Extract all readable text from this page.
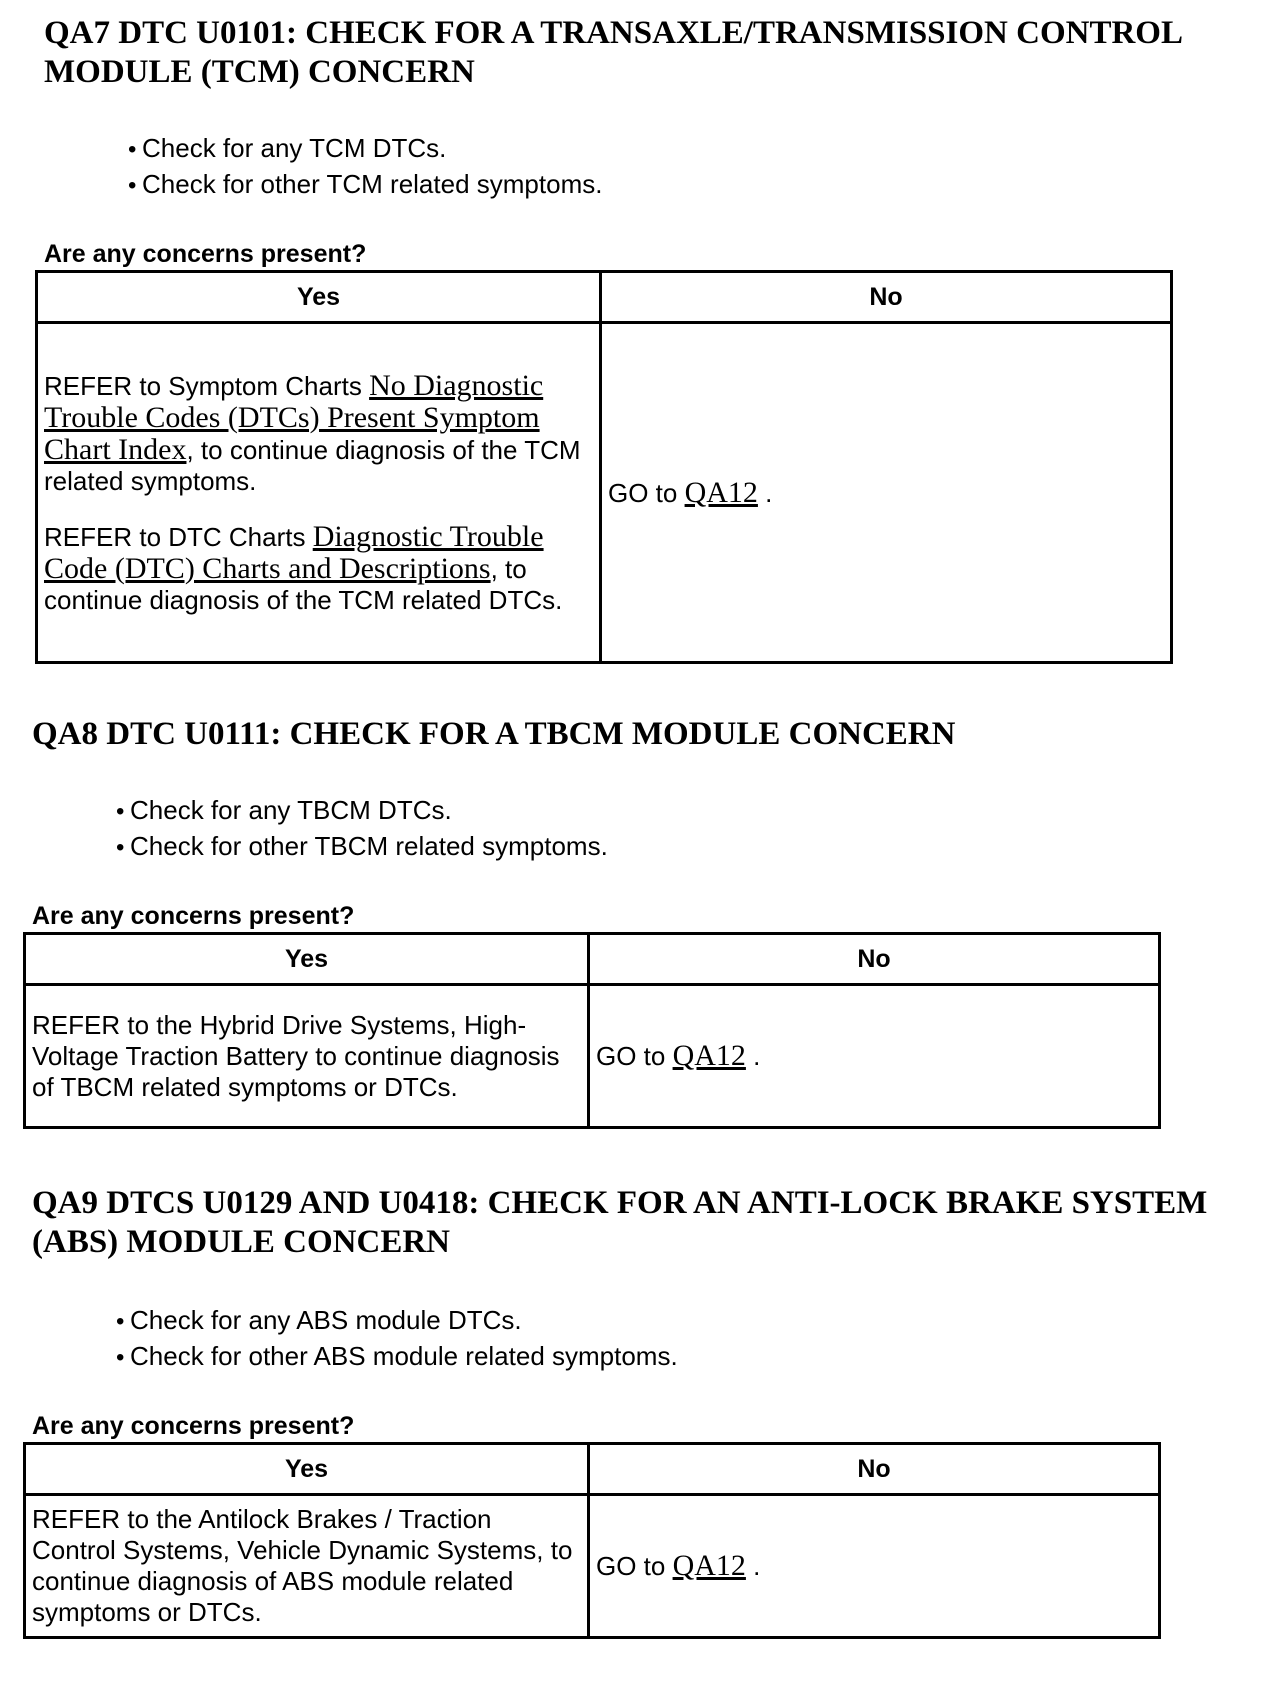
QA7 DTC U0101: CHECK FOR A TRANSAXLE/TRANSMISSION CONTROL
MODULE (TCM) CONCERN
• Check for any TCM DTCs.
• Check for other TCM related symptoms.
Are any concerns present?
Yes	No

REFER to Symptom Charts No Diagnostic Trouble Codes (DTCs) Present Symptom Chart Index, to continue diagnosis of the TCM related symptoms.

REFER to DTC Charts Diagnostic Trouble Code (DTC) Charts and Descriptions, to continue diagnosis of the TCM related DTCs.	GO to QA12 .
QA8 DTC U0111: CHECK FOR A TBCM MODULE CONCERN
• Check for any TBCM DTCs.
• Check for other TBCM related symptoms.
Are any concerns present?
Yes	No

REFER to the Hybrid Drive Systems, High-Voltage Traction Battery to continue diagnosis of TBCM related symptoms or DTCs.	GO to QA12 .
QA9 DTCS U0129 AND U0418: CHECK FOR AN ANTI-LOCK BRAKE SYSTEM
(ABS) MODULE CONCERN
• Check for any ABS module DTCs.
• Check for other ABS module related symptoms.
Are any concerns present?
Yes	No

REFER to the Antilock Brakes / Traction Control Systems, Vehicle Dynamic Systems, to continue diagnosis of ABS module related symptoms or DTCs.	GO to QA12 .
